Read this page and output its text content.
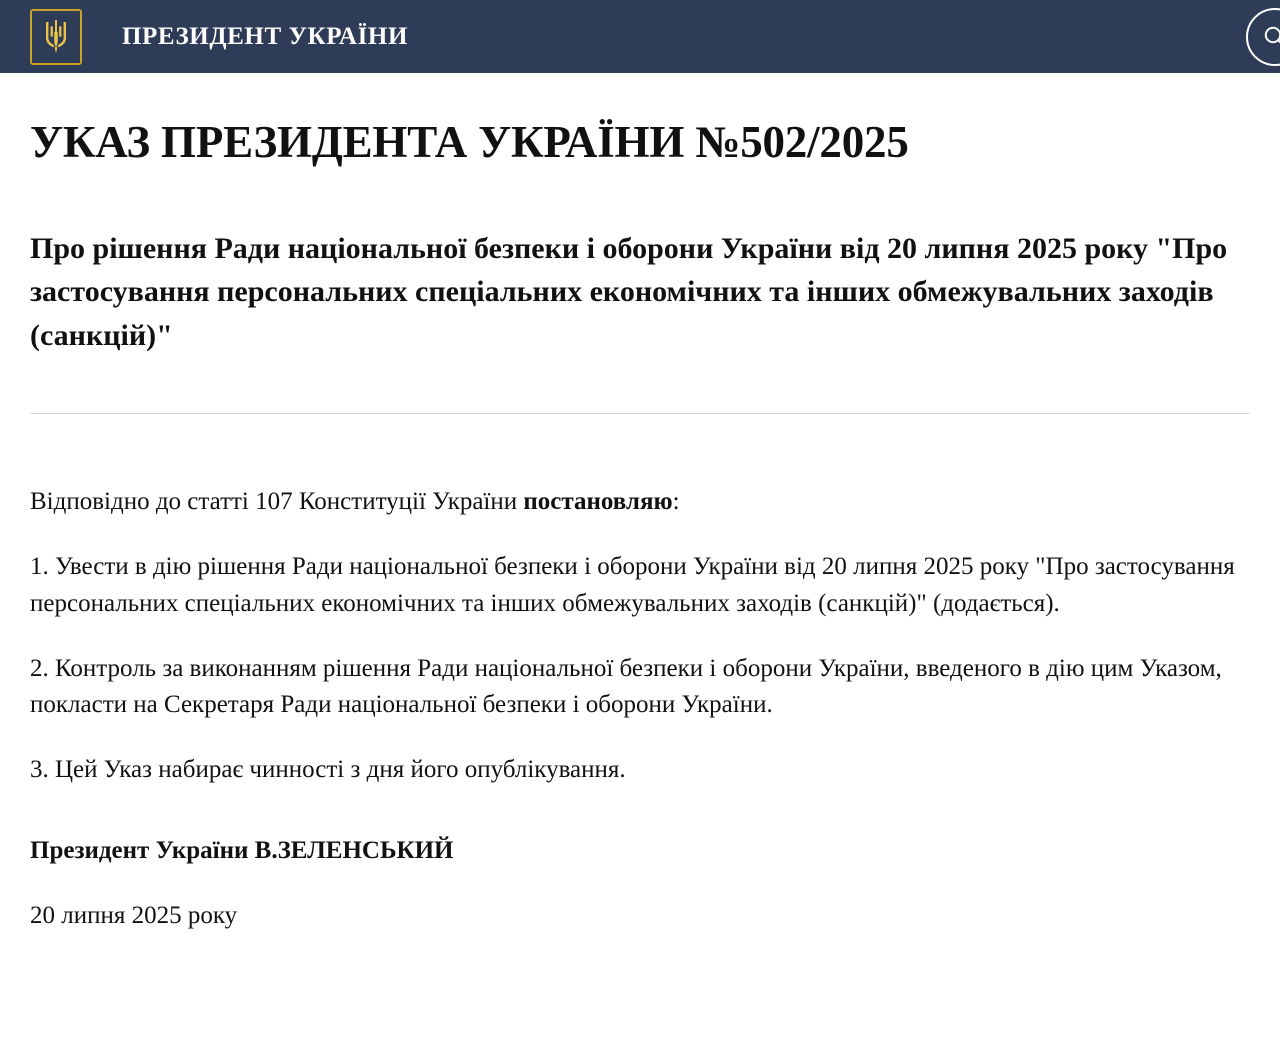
ПРЕЗИДЕНТ УКРАЇНИ
УКАЗ ПРЕЗИДЕНТА УКРАЇНИ №502/2025
Про рішення Ради національної безпеки і оборони України від 20 липня 2025 року "Про застосування персональних спеціальних економічних та інших обмежувальних заходів (санкцій)"

Відповідно до статті 107 Конституції України постановляю:

1. Увести в дію рішення Ради національної безпеки і оборони України від 20 липня 2025 року "Про застосування персональних спеціальних економічних та інших обмежувальних заходів (санкцій)" (додається).

2. Контроль за виконанням рішення Ради національної безпеки і оборони України, введеного в дію цим Указом, покласти на Секретаря Ради національної безпеки і оборони України.

3. Цей Указ набирає чинності з дня його опублікування.

Президент України В.ЗЕЛЕНСЬКИЙ

20 липня 2025 року
